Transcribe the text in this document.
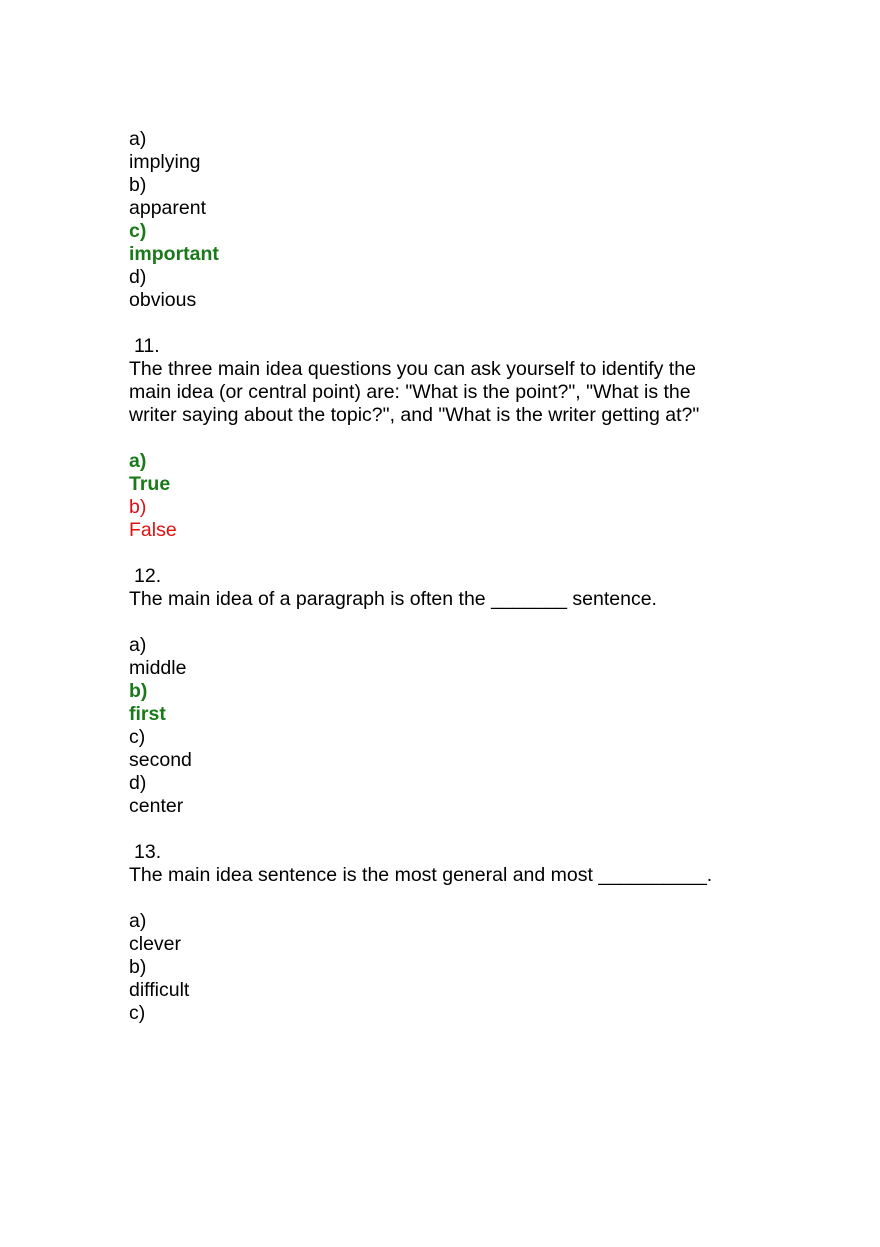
a)
implying
b)
apparent
c)
important
d)
obvious
11.
The three main idea questions you can ask yourself to identify the main idea (or central point) are: "What is the point?", "What is the writer saying about the topic?", and "What is the writer getting at?"
a)
True
b)
False
12.
The main idea of a paragraph is often the _______ sentence.
a)
middle
b)
first
c)
second
d)
center
13.
The main idea sentence is the most general and most __________.
a)
clever
b)
difficult
c)
